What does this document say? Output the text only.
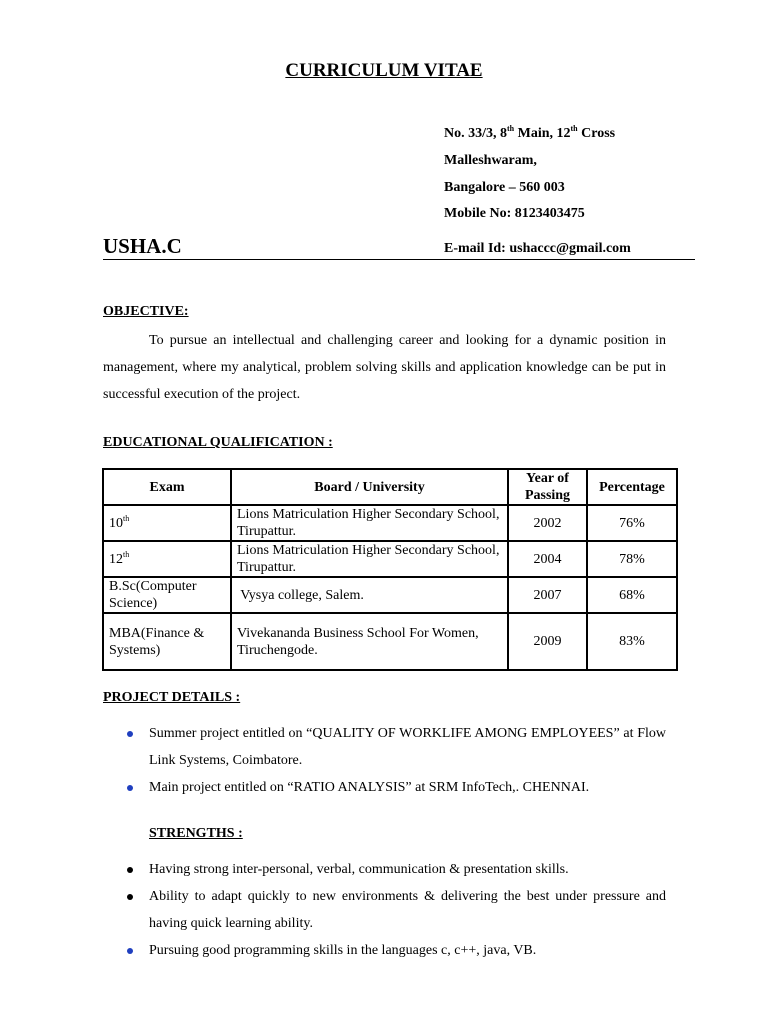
CURRICULUM VITAE
No. 33/3, 8th Main, 12th Cross
Malleshwaram,
Bangalore – 560 003
Mobile No: 8123403475
E-mail Id: ushaccc@gmail.com
USHA.C
OBJECTIVE:
To pursue an intellectual and challenging career and looking for a dynamic position in management, where my analytical, problem solving skills and application knowledge can be put in successful execution of the project.
EDUCATIONAL QUALIFICATION :
Exam	Board / University	Year of Passing	Percentage
10th	Lions Matriculation Higher Secondary School, Tirupattur.	2002	76%
12th	Lions Matriculation Higher Secondary School, Tirupattur.	2004	78%
B.Sc(Computer Science)	Vysya college, Salem.	2007	68%
MBA(Finance & Systems)	Vivekananda Business School For Women, Tiruchengode.	2009	83%
PROJECT DETAILS :
Summer project entitled on “QUALITY OF WORKLIFE AMONG EMPLOYEES” at Flow Link Systems, Coimbatore.
Main project entitled on “RATIO ANALYSIS” at SRM InfoTech,. CHENNAI.
STRENGTHS :
Having strong inter-personal, verbal, communication & presentation skills.
Ability to adapt quickly to new environments & delivering the best under pressure and having quick learning ability.
Pursuing good programming skills in the languages c, c++, java, VB.
